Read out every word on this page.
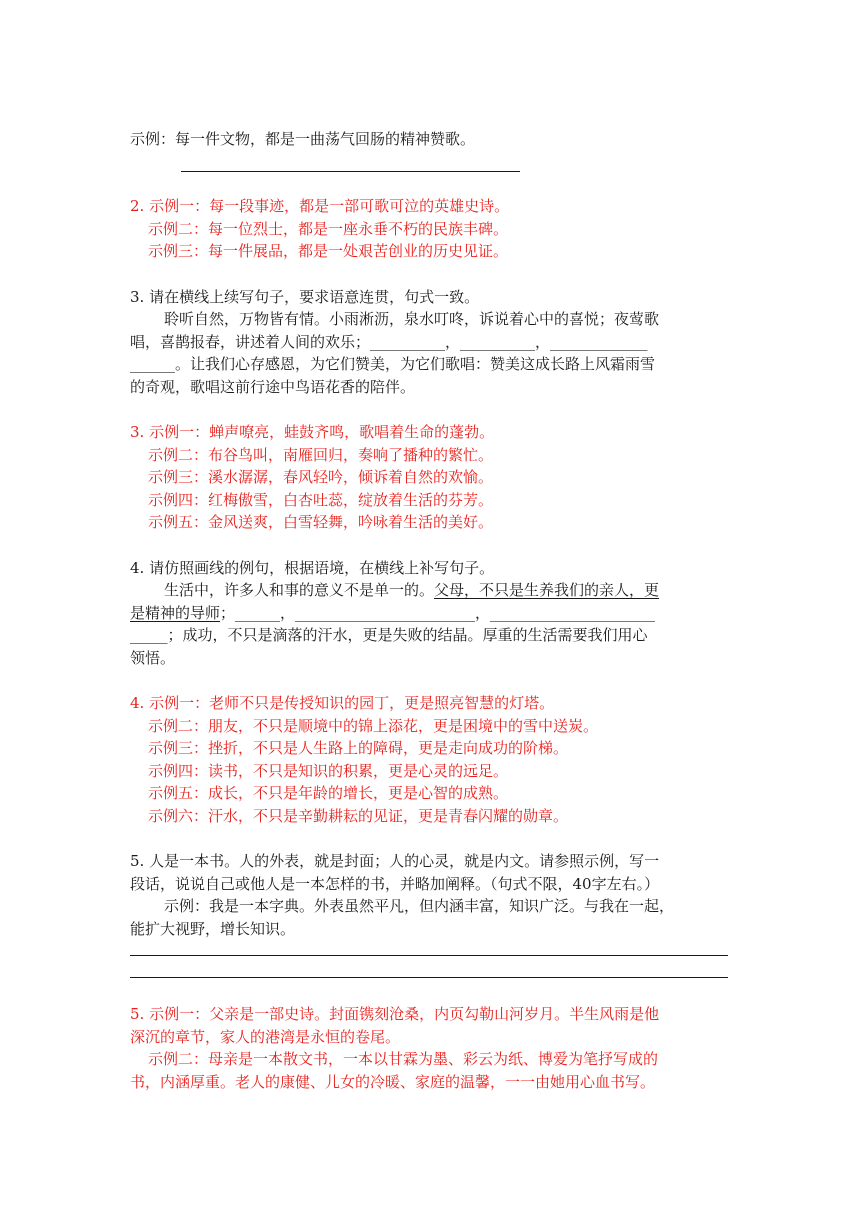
示例：每一件文物，都是一曲荡气回肠的精神赞歌。
2. 示例一：每一段事迹，都是一部可歌可泣的英雄史诗。
示例二：每一位烈士，都是一座永垂不朽的民族丰碑。
示例三：每一件展品，都是一处艰苦创业的历史见证。
3. 请在横线上续写句子，要求语意连贯，句式一致。
聆听自然，万物皆有情。小雨淅沥，泉水叮咚，诉说着心中的喜悦；夜莺歌
唱，喜鹊报春，讲述着人间的欢乐；__________，__________，_____________
______。让我们心存感恩，为它们赞美，为它们歌唱：赞美这成长路上风霜雨雪
的奇观，歌唱这前行途中鸟语花香的陪伴。
3. 示例一：蝉声嘹亮，蛙鼓齐鸣，歌唱着生命的蓬勃。
示例二：布谷鸟叫，南雁回归，奏响了播种的繁忙。
示例三：溪水潺潺，春风轻吟，倾诉着自然的欢愉。
示例四：红梅傲雪，白杏吐蕊，绽放着生活的芬芳。
示例五：金风送爽，白雪轻舞，吟咏着生活的美好。
4. 请仿照画线的例句，根据语境，在横线上补写句子。
生活中，许多人和事的意义不是单一的。父母，不只是生养我们的亲人，更
是精神的导师；______，________________________，______________________
_____；成功，不只是滴落的汗水，更是失败的结晶。厚重的生活需要我们用心
领悟。
4. 示例一：老师不只是传授知识的园丁，更是照亮智慧的灯塔。
示例二：朋友，不只是顺境中的锦上添花，更是困境中的雪中送炭。
示例三：挫折，不只是人生路上的障碍，更是走向成功的阶梯。
示例四：读书，不只是知识的积累，更是心灵的远足。
示例五：成长，不只是年龄的增长，更是心智的成熟。
示例六：汗水，不只是辛勤耕耘的见证，更是青春闪耀的勋章。
5. 人是一本书。人的外表，就是封面；人的心灵，就是内文。请参照示例，写一
段话，说说自己或他人是一本怎样的书，并略加阐释。（句式不限，40字左右。）
示例：我是一本字典。外表虽然平凡，但内涵丰富，知识广泛。与我在一起，
能扩大视野，增长知识。
5. 示例一：父亲是一部史诗。封面镌刻沧桑，内页勾勒山河岁月。半生风雨是他
深沉的章节，家人的港湾是永恒的卷尾。
示例二：母亲是一本散文书，一本以甘霖为墨、彩云为纸、博爱为笔抒写成的
书，内涵厚重。老人的康健、儿女的冷暖、家庭的温馨，一一由她用心血书写。
